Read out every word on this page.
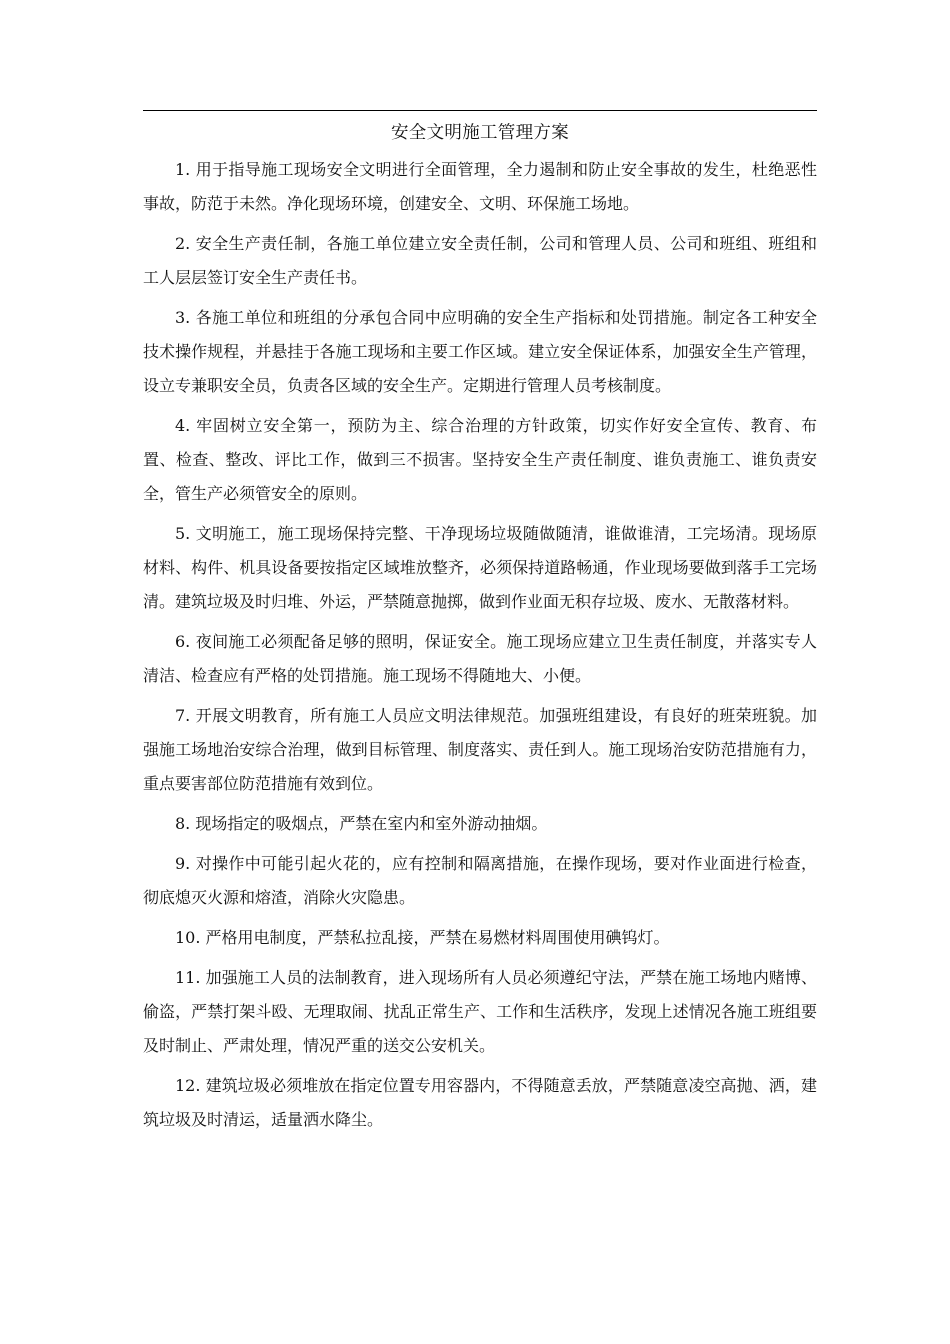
安全文明施工管理方案

1. 用于指导施工现场安全文明进行全面管理，全力遏制和防止安全事故的发生，杜绝恶性事故，防范于未然。净化现场环境，创建安全、文明、环保施工场地。

2. 安全生产责任制，各施工单位建立安全责任制，公司和管理人员、公司和班组、班组和工人层层签订安全生产责任书。

3. 各施工单位和班组的分承包合同中应明确的安全生产指标和处罚措施。制定各工种安全技术操作规程，并悬挂于各施工现场和主要工作区域。建立安全保证体系，加强安全生产管理，设立专兼职安全员，负责各区域的安全生产。定期进行管理人员考核制度。

4. 牢固树立安全第一，预防为主、综合治理的方针政策，切实作好安全宣传、教育、布置、检查、整改、评比工作，做到三不损害。坚持安全生产责任制度、谁负责施工、谁负责安全，管生产必须管安全的原则。

5. 文明施工，施工现场保持完整、干净现场垃圾随做随清，谁做谁清，工完场清。现场原材料、构件、机具设备要按指定区域堆放整齐，必须保持道路畅通，作业现场要做到落手工完场清。建筑垃圾及时归堆、外运，严禁随意抛掷，做到作业面无积存垃圾、废水、无散落材料。

6. 夜间施工必须配备足够的照明，保证安全。施工现场应建立卫生责任制度，并落实专人清洁、检查应有严格的处罚措施。施工现场不得随地大、小便。

7. 开展文明教育，所有施工人员应文明法律规范。加强班组建设，有良好的班荣班貌。加强施工场地治安综合治理，做到目标管理、制度落实、责任到人。施工现场治安防范措施有力，重点要害部位防范措施有效到位。

8. 现场指定的吸烟点，严禁在室内和室外游动抽烟。

9. 对操作中可能引起火花的，应有控制和隔离措施，在操作现场，要对作业面进行检查，彻底熄灭火源和熔渣，消除火灾隐患。

10. 严格用电制度，严禁私拉乱接，严禁在易燃材料周围使用碘钨灯。

11. 加强施工人员的法制教育，进入现场所有人员必须遵纪守法，严禁在施工场地内赌博、偷盗，严禁打架斗殴、无理取闹、扰乱正常生产、工作和生活秩序，发现上述情况各施工班组要及时制止、严肃处理，情况严重的送交公安机关。

12. 建筑垃圾必须堆放在指定位置专用容器内，不得随意丢放，严禁随意凌空高抛、洒，建筑垃圾及时清运，适量洒水降尘。
